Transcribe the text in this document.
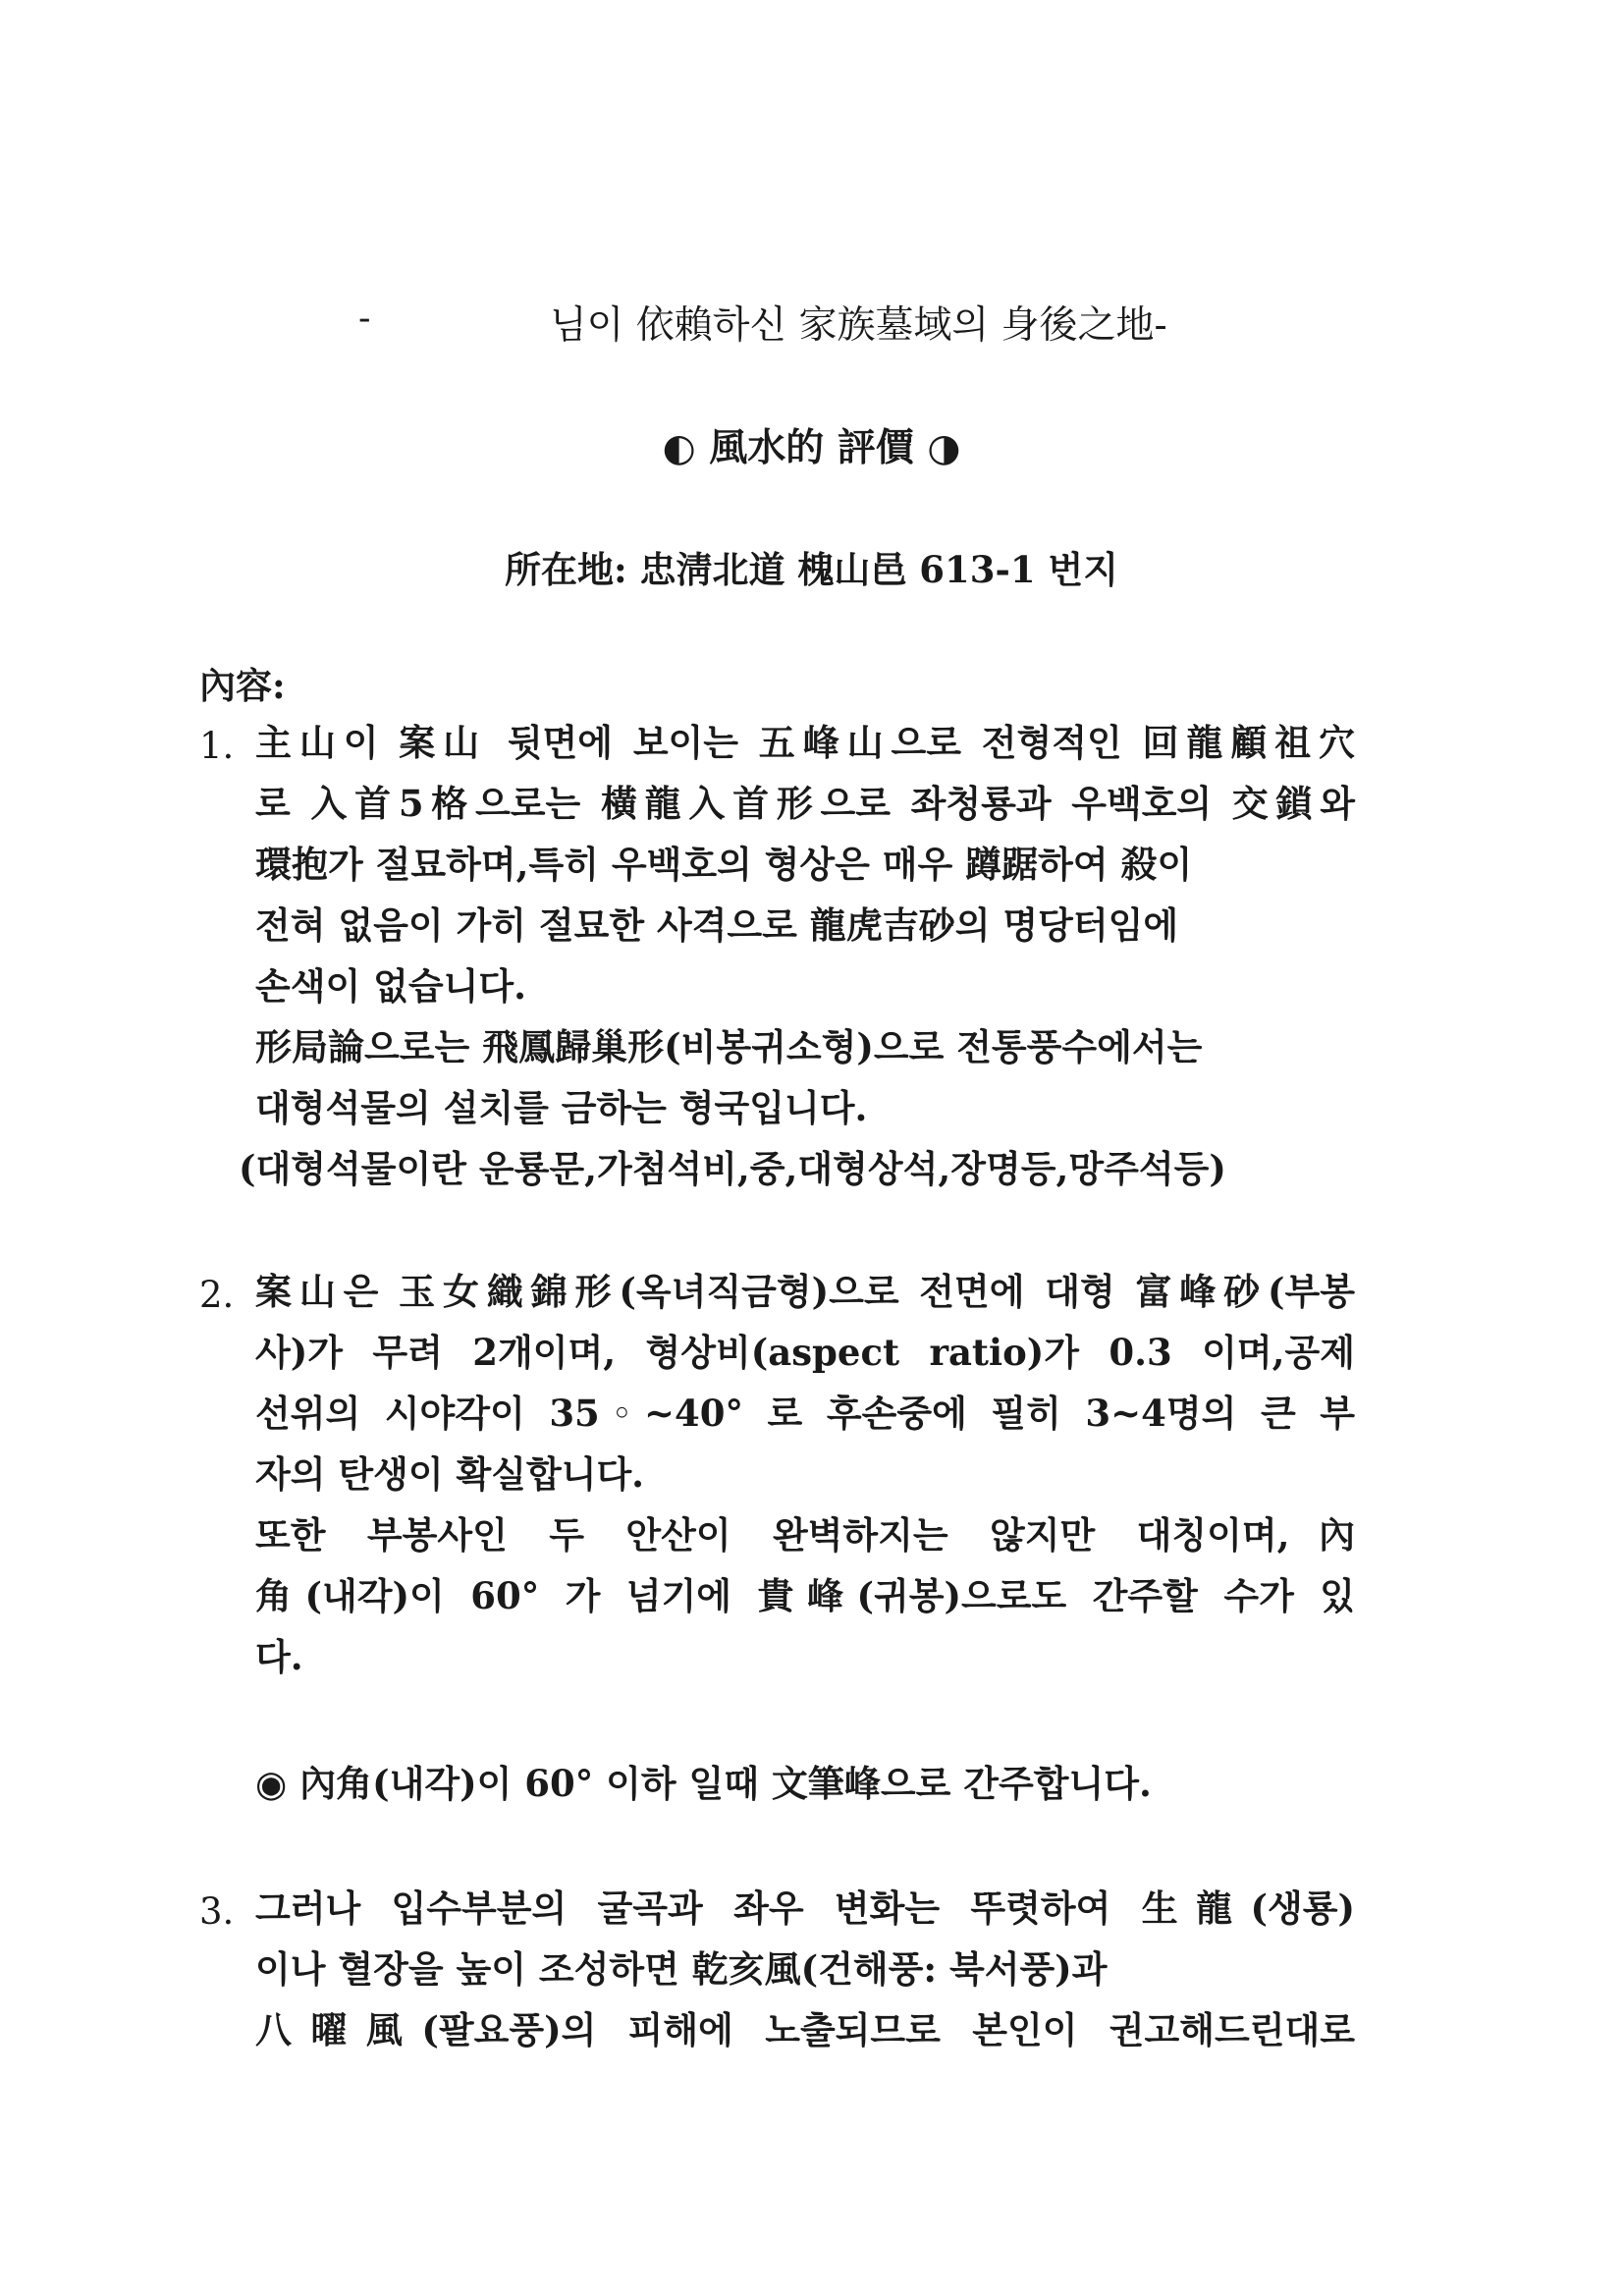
-	님이 依賴하신 家族墓域의 身後之地-
◐ 風水的 評價 ◑
所在地: 忠淸北道 槐山邑 613-1 번지
內容:
1. 主山이 案山 뒷면에 보이는 五峰山으로 전형적인 回龍顧祖穴
로 入首5格으로는 橫龍入首形으로 좌청룡과 우백호의 交鎖와
環抱가 절묘하며,특히 우백호의 형상은 매우 蹲踞하여 殺이
전혀 없음이 가히 절묘한 사격으로 龍虎吉砂의 명당터임에
손색이 없습니다.
形局論으로는 飛鳳歸巢形(비봉귀소형)으로 전통풍수에서는
대형석물의 설치를 금하는 형국입니다.
(대형석물이란 운룡문,가첨석비,중,대형상석,장명등,망주석등)
2. 案山은 玉女織錦形(옥녀직금형)으로 전면에 대형 富峰砂(부봉
사)가 무려 2개이며, 형상비(aspect ratio)가 0.3 이며,공제
선위의 시야각이 35◦~40° 로 후손중에 필히 3~4명의 큰 부
자의 탄생이 확실합니다.
또한 부봉사인 두 안산이 완벽하지는 않지만 대칭이며,內
角(내각)이 60° 가 넘기에 貴峰(귀봉)으로도 간주할 수가 있
다.
◉ 內角(내각)이 60° 이하 일때 文筆峰으로 간주합니다.
3. 그러나 입수부분의 굴곡과 좌우 변화는 뚜렷하여 生龍(생룡)
이나 혈장을 높이 조성하면 乾亥風(건해풍: 북서풍)과
八曜風(팔요풍)의 피해에 노출되므로 본인이 권고해드린대로
